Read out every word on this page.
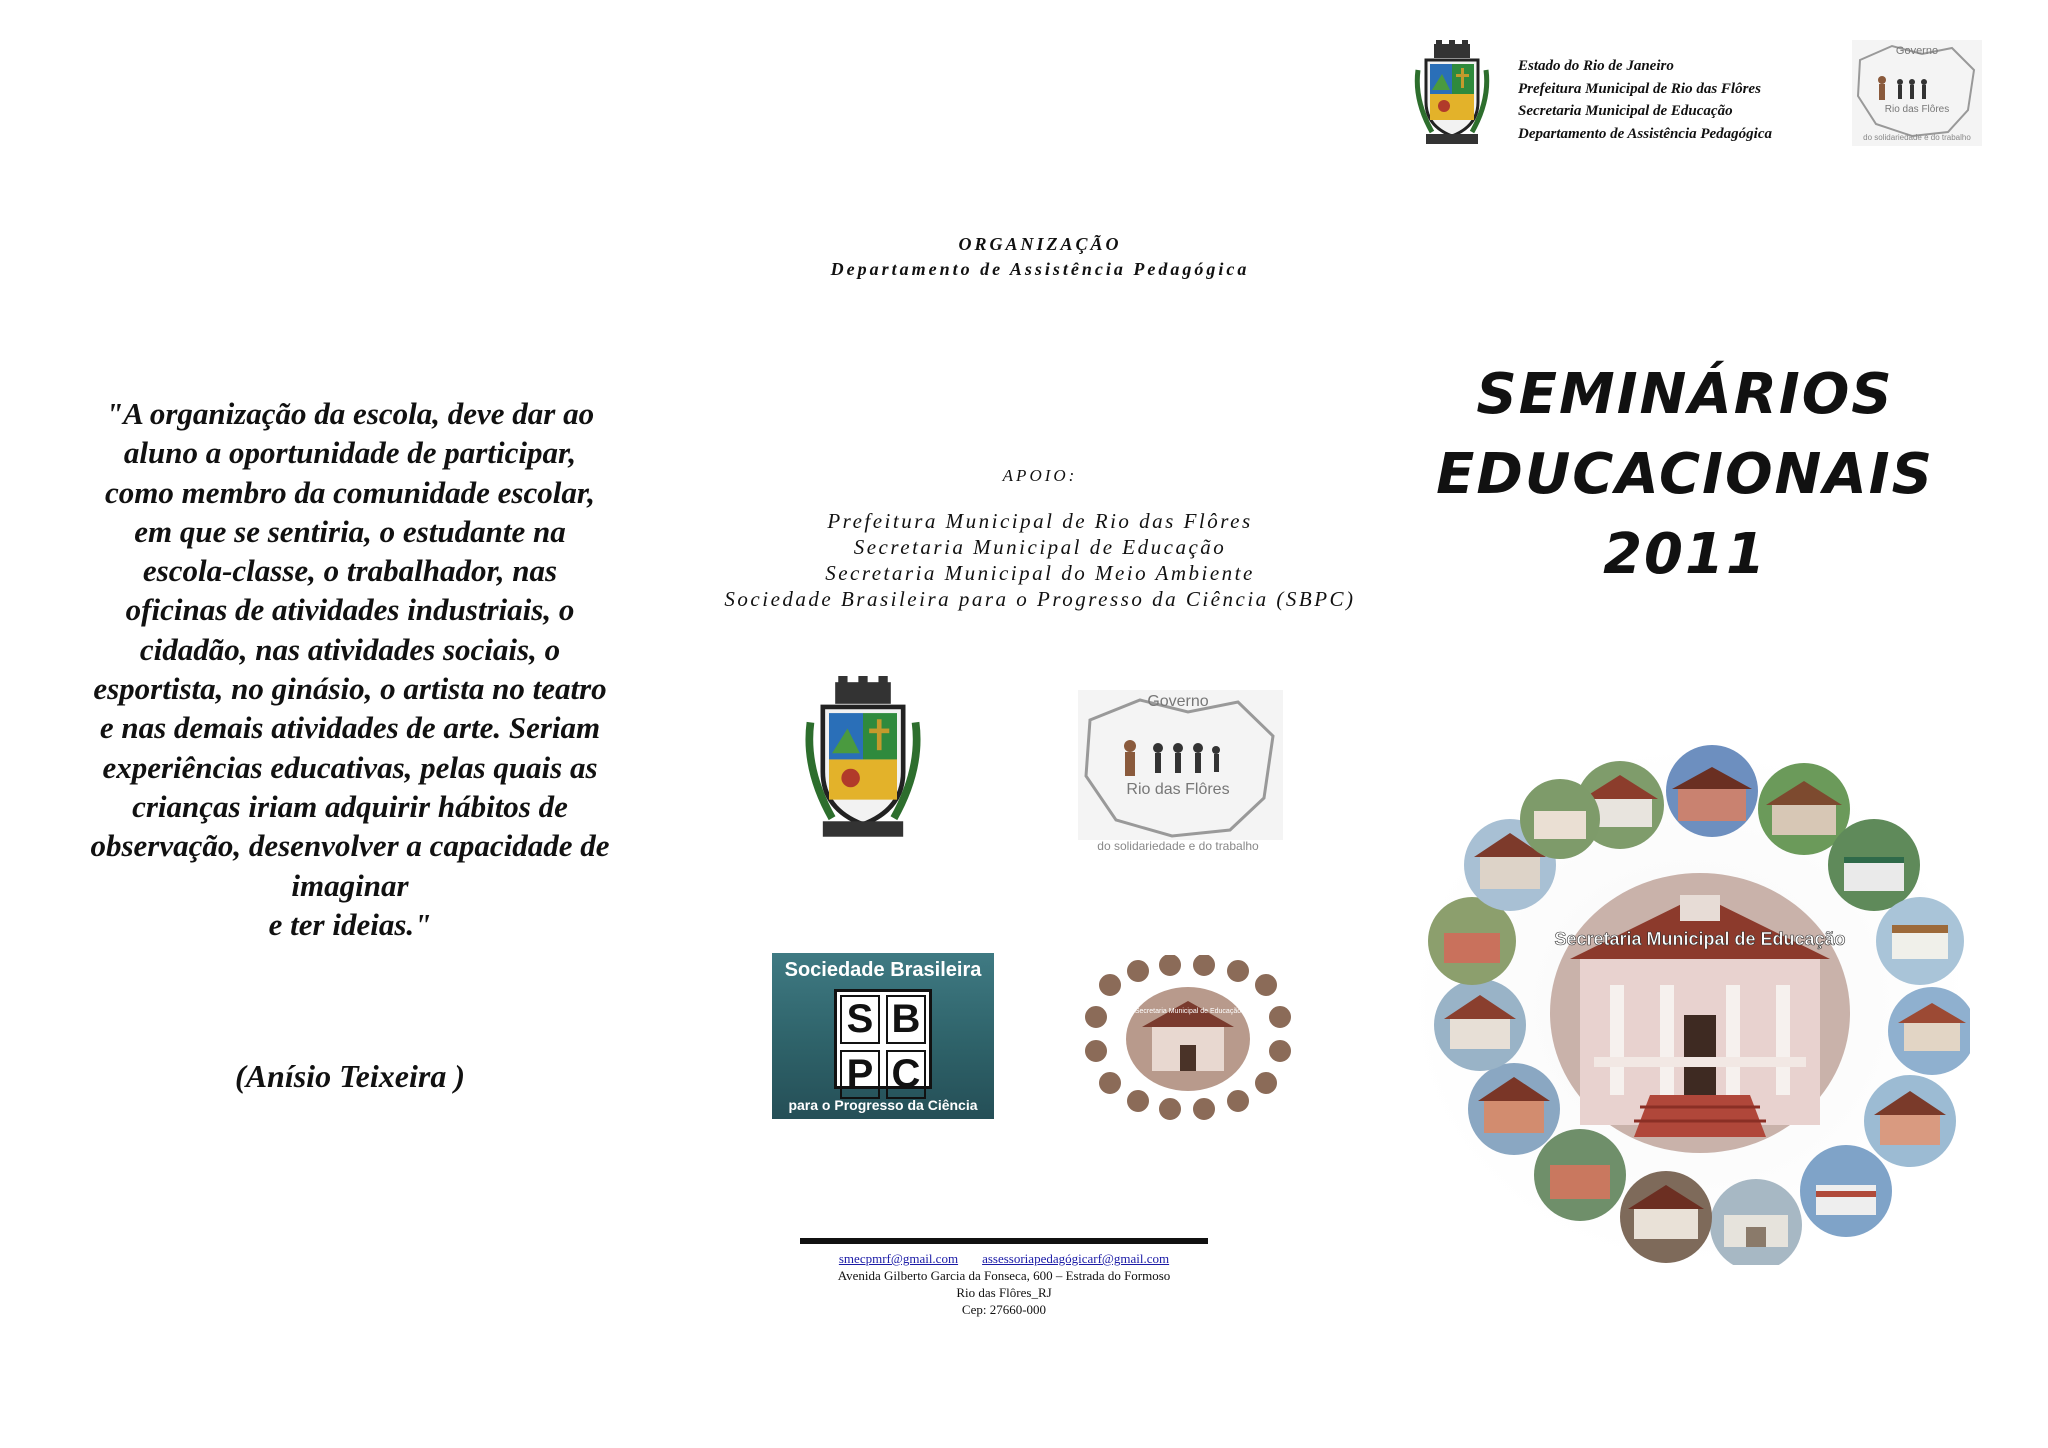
Estado do Rio de Janeiro
Prefeitura Municipal de Rio das Flôres
Secretaria Municipal de Educação
Departamento de Assistência Pedagógica
Governo
Rio das Flôres
do solidariedade e do trabalho
ORGANIZAÇÃO
Departamento de Assistência Pedagógica

"A organização da escola, deve dar ao aluno a oportunidade de participar, como membro da comunidade escolar, em que se sentiria, o estudante na escola-classe, o trabalhador, nas oficinas de atividades industriais, o cidadão, nas atividades sociais, o esportista, no ginásio, o artista no teatro e nas demais atividades de arte. Seriam experiências educativas, pelas quais as crianças iriam adquirir hábitos de observação, desenvolver a capacidade de imaginar

e ter ideias."

(Anísio Teixeira )
APOIO:
Prefeitura Municipal de Rio das Flôres
Secretaria Municipal de Educação
Secretaria Municipal do Meio Ambiente
Sociedade Brasileira para o Progresso da Ciência (SBPC)
Governo
Rio das Flôres
do solidariedade e do trabalho
Sociedade Brasileira
S B
P C
para o Progresso da Ciência
Secretaria Municipal de Educação
SEMINÁRIOS
EDUCACIONAIS
2011
Secretaria Municipal de Educação
smecpmrf@gmail.com assessoriapedagógicarf@gmail.com
Avenida Gilberto Garcia da Fonseca, 600 – Estrada do Formoso
Rio das Flôres_RJ
Cep: 27660-000
